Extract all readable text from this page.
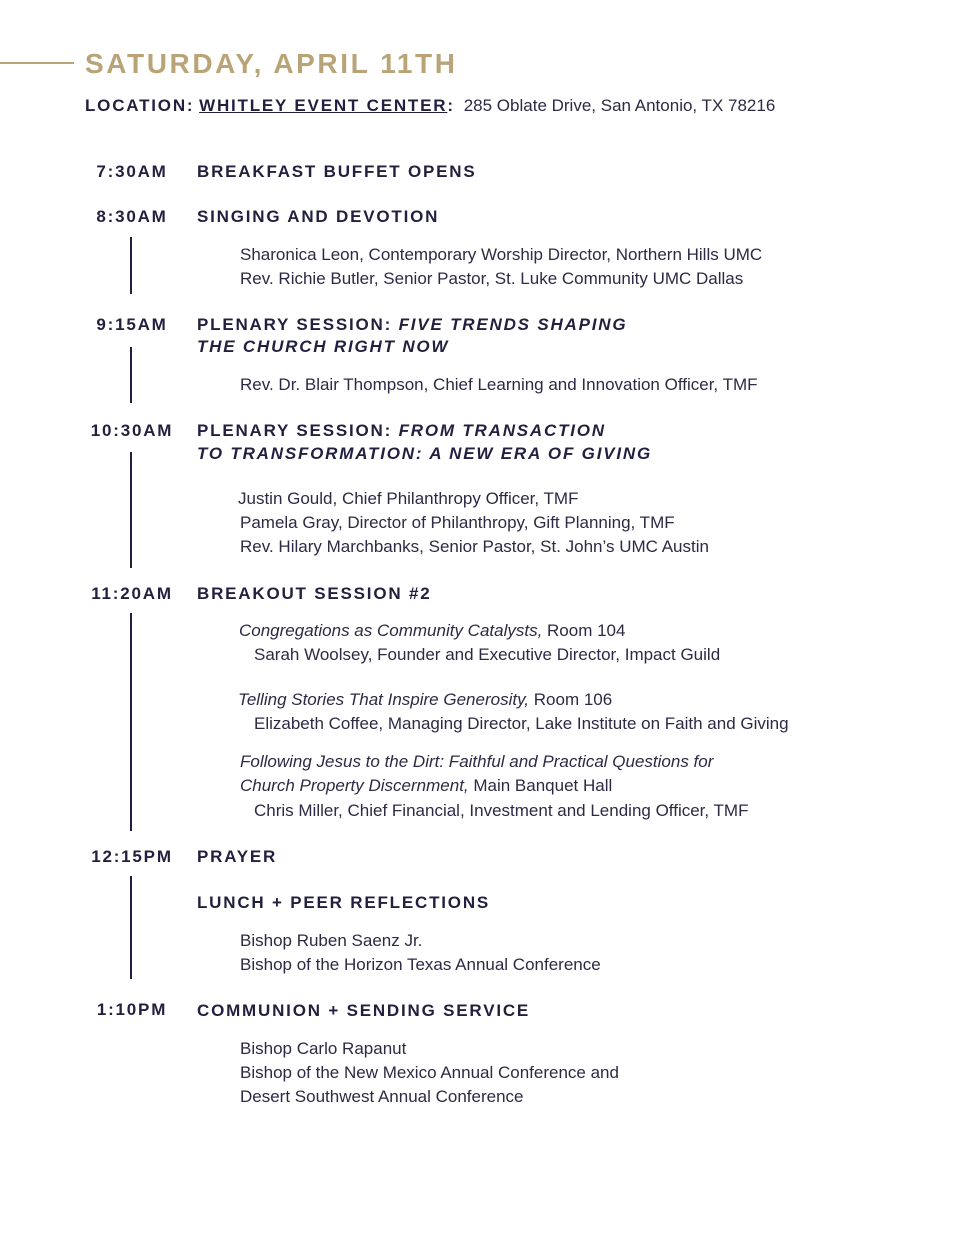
SATURDAY, APRIL 11TH
LOCATION: WHITLEY EVENT CENTER: 285 Oblate Drive, San Antonio, TX 78216
7:30AM	BREAKFAST BUFFET OPENS
8:30AM	SINGING AND DEVOTION
Sharonica Leon, Contemporary Worship Director, Northern Hills UMC
Rev. Richie Butler, Senior Pastor, St. Luke Community UMC Dallas
9:15AM	PLENARY SESSION: FIVE TRENDS SHAPING
THE CHURCH RIGHT NOW
Rev. Dr. Blair Thompson, Chief Learning and Innovation Officer, TMF
10:30AM	PLENARY SESSION: FROM TRANSACTION
TO TRANSFORMATION: A NEW ERA OF GIVING
Justin Gould, Chief Philanthropy Officer, TMF
Pamela Gray, Director of Philanthropy, Gift Planning, TMF
Rev. Hilary Marchbanks, Senior Pastor, St. John’s UMC Austin
11:20AM	BREAKOUT SESSION #2
Congregations as Community Catalysts, Room 104
Sarah Woolsey, Founder and Executive Director, Impact Guild
Telling Stories That Inspire Generosity, Room 106
Elizabeth Coffee, Managing Director, Lake Institute on Faith and Giving
Following Jesus to the Dirt: Faithful and Practical Questions for
Church Property Discernment, Main Banquet Hall
Chris Miller, Chief Financial, Investment and Lending Officer, TMF
12:15PM	PRAYER
LUNCH + PEER REFLECTIONS
Bishop Ruben Saenz Jr.
Bishop of the Horizon Texas Annual Conference
1:10PM	COMMUNION + SENDING SERVICE
Bishop Carlo Rapanut
Bishop of the New Mexico Annual Conference and
Desert Southwest Annual Conference
